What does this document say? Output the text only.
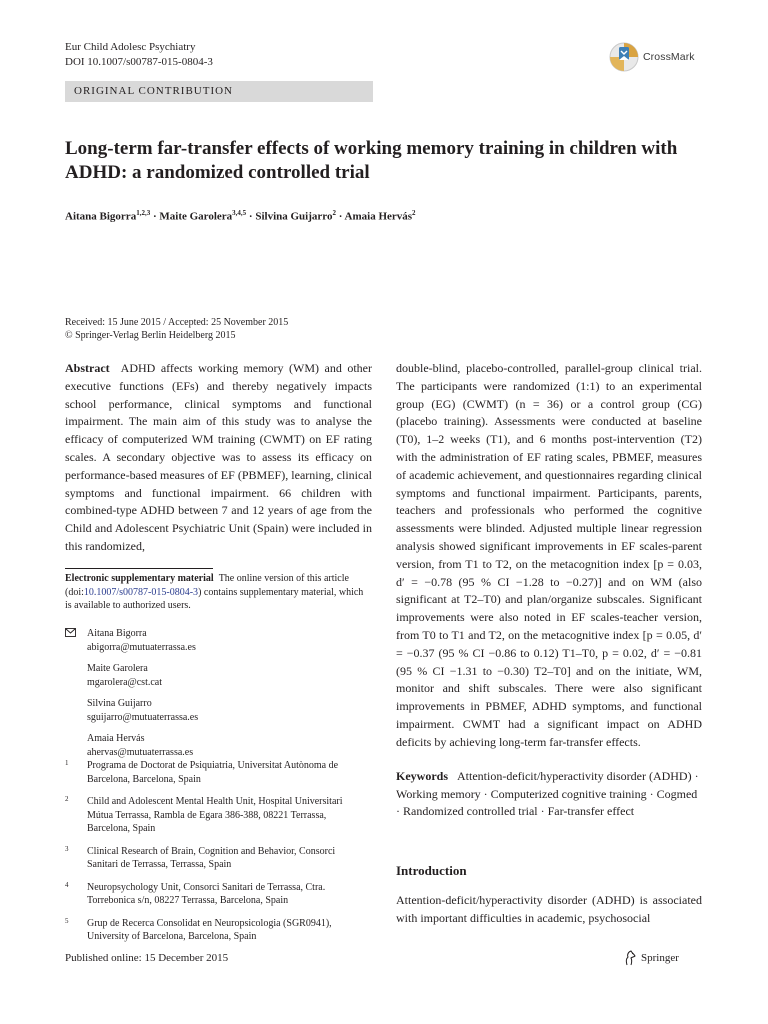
Eur Child Adolesc Psychiatry
DOI 10.1007/s00787-015-0804-3	CrossMark
ORIGINAL CONTRIBUTION
Long-term far-transfer effects of working memory training in children with ADHD: a randomized controlled trial
Aitana Bigorra$^{1,2,3}$ · Maite Garolera$^{3,4,5}$ · Silvina Guijarro$^2$ · Amaia Hervás$^2$
Received: 15 June 2015 / Accepted: 25 November 2015
© Springer-Verlag Berlin Heidelberg 2015
Abstract ADHD affects working memory (WM) and other executive functions (EFs) and thereby negatively impacts school performance, clinical symptoms and functional impairment. The main aim of this study was to analyse the efficacy of computerized WM training (CWMT) on EF rating scales. A secondary objective was to assess its efficacy on performance-based measures of EF (PBMEF), learning, clinical symptoms and functional impairment. 66 children with combined-type ADHD between 7 and 12 years of age from the Child and Adolescent Psychiatric Unit (Spain) were included in this randomized,
Electronic supplementary material The online version of this article (doi:10.1007/s00787-015-0804-3) contains supplementary material, which is available to authorized users.
Aitana Bigorra
abigorra@mutuaterrassa.es
Maite Garolera
mgarolera@cst.cat
Silvina Guijarro
sguijarro@mutuaterrassa.es
Amaia Hervás
ahervas@mutuaterrassa.es
1 Programa de Doctorat de Psiquiatria, Universitat Autònoma de Barcelona, Barcelona, Spain
2 Child and Adolescent Mental Health Unit, Hospital Universitari Mútua Terrassa, Rambla de Egara 386-388, 08221 Terrassa, Barcelona, Spain
3 Clinical Research of Brain, Cognition and Behavior, Consorci Sanitari de Terrassa, Terrassa, Spain
4 Neuropsychology Unit, Consorci Sanitari de Terrassa, Ctra. Torrebonica s/n, 08227 Terrassa, Barcelona, Spain
5 Grup de Recerca Consolidat en Neuropsicologia (SGR0941), University of Barcelona, Barcelona, Spain
double-blind, placebo-controlled, parallel-group clinical trial. The participants were randomized (1:1) to an experimental group (EG) (CWMT) (n = 36) or a control group (CG) (placebo training). Assessments were conducted at baseline (T0), 1–2 weeks (T1), and 6 months post-intervention (T2) with the administration of EF rating scales, PBMEF, measures of academic achievement, and questionnaires regarding clinical symptoms and functional impairment. Participants, parents, teachers and professionals who performed the cognitive assessments were blinded. Adjusted multiple linear regression analysis showed significant improvements in EF scales-parent version, from T1 to T2, on the metacognition index [p = 0.03, d′ = −0.78 (95 % CI −1.28 to −0.27)] and on WM (also significant at T2–T0) and plan/organize subscales. Significant improvements were also noted in EF scales-teacher version, from T0 to T1 and T2, on the metacognitive index [p = 0.05, d′ = −0.37 (95 % CI −0.86 to 0.12) T1–T0, p = 0.02, d′ = −0.81 (95 % CI −1.31 to −0.30) T2–T0] and on the initiate, WM, monitor and shift subscales. There were also significant improvements in PBMEF, ADHD symptoms, and functional impairment. CWMT had a significant impact on ADHD deficits by achieving long-term far-transfer effects.
Keywords Attention-deficit/hyperactivity disorder (ADHD) · Working memory · Computerized cognitive training · Cogmed · Randomized controlled trial · Far-transfer effect
Introduction

Attention-deficit/hyperactivity disorder (ADHD) is associated with important difficulties in academic, psychosocial

Published online: 15 December 2015	Springer
